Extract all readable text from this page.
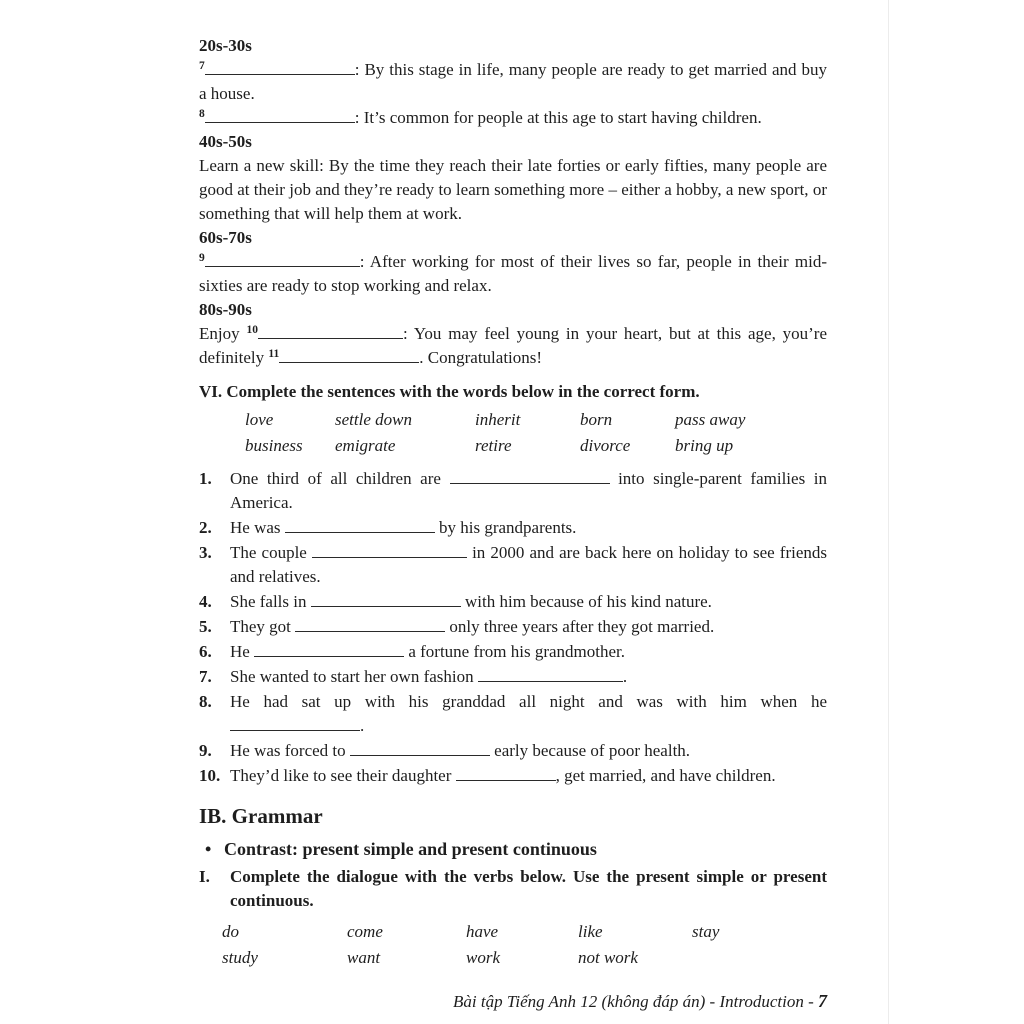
20s-30s

$^7$	: By this stage in life, many people are ready to get married and buy a house.

$^8$	: It’s common for people at this age to start having children.

40s-50s

Learn a new skill: By the time they reach their late forties or early fifties, many people are good at their job and they’re ready to learn something more – either a hobby, a new sport, or something that will help them at work.

60s-70s

$^9$	: After working for most of their lives so far, people in their mid-sixties are ready to stop working and relax.

80s-90s

Enjoy $^{10}$	: You may feel young in your heart, but at this age, you’re definitely $^{11}$	. Congratulations!

VI. Complete the sentences with the words below in the correct form.

love	settle down	inherit	born	pass away
business	emigrate	retire	divorce	bring up

1. One third of all children are	into single-parent families in America.

2. He was	by his grandparents.

3. The couple	in 2000 and are back here on holiday to see friends and relatives.

4. She falls in	with him because of his kind nature.

5. They got	only three years after they got married.

6. He	a fortune from his grandmother.

7. She wanted to start her own fashion	.

8. He had sat up with his granddad all night and was with him when he .

9. He was forced to	early because of poor health.

10. They’d like to see their daughter	, get married, and have children.

IB. Grammar

• Contrast: present simple and present continuous

I. Complete the dialogue with the verbs below. Use the present simple or present continuous.

do	come	have	like	stay
study	want	work	not work

Bài tập Tiếng Anh 12 (không đáp án) - Introduction - 7
